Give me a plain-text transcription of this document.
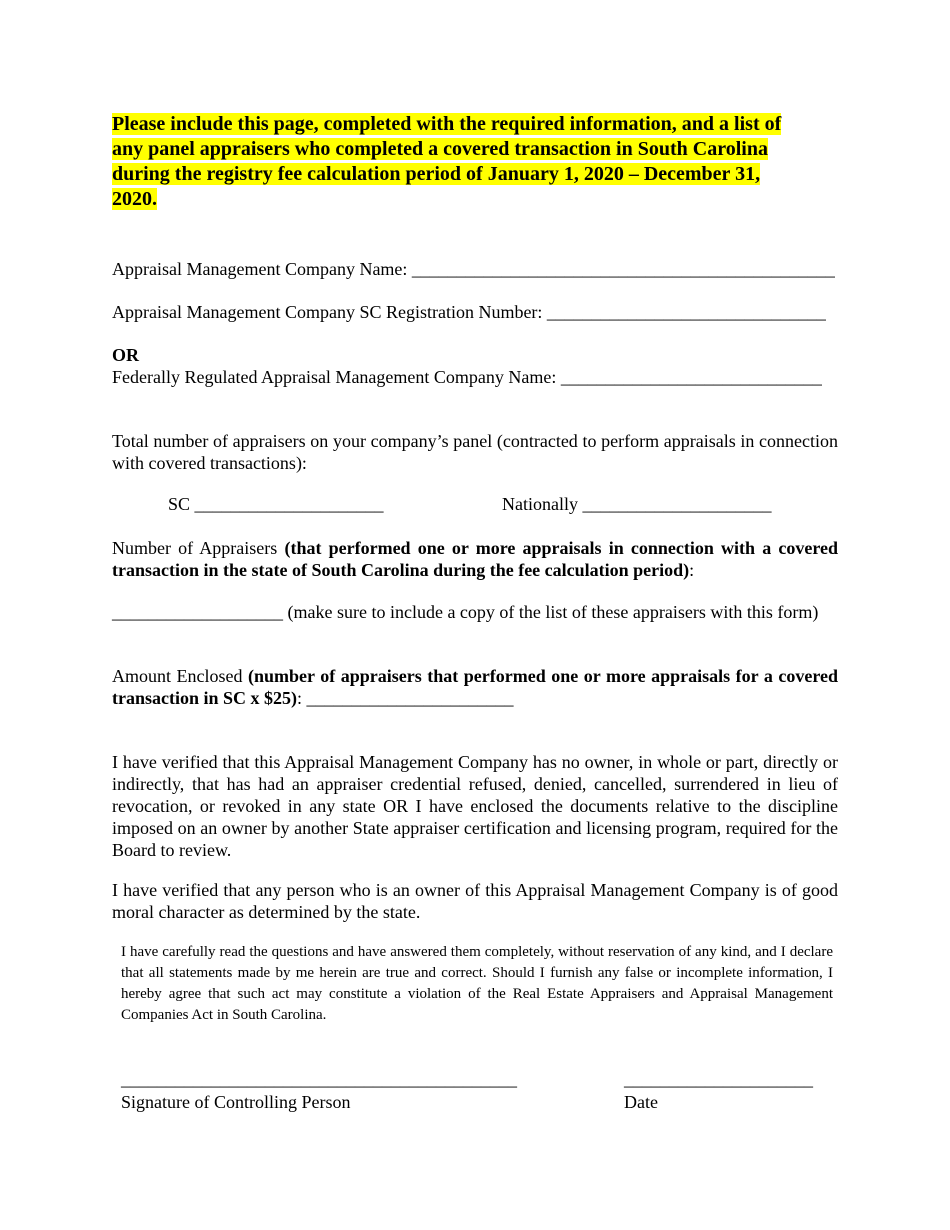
Please include this page, completed with the required information, and a list of
any panel appraisers who completed a covered transaction in South Carolina
during the registry fee calculation period of January 1, 2020 – December 31,
2020.
Appraisal Management Company Name: _______________________________________________
Appraisal Management Company SC Registration Number: _______________________________
OR
Federally Regulated Appraisal Management Company Name: _____________________________
Total number of appraisers on your company’s panel (contracted to perform appraisals in connection with covered transactions):
SC _____________________	Nationally _____________________
Number of Appraisers (that performed one or more appraisals in connection with a covered transaction in the state of South Carolina during the fee calculation period):
___________________ (make sure to include a copy of the list of these appraisers with this form)
Amount Enclosed (number of appraisers that performed one or more appraisals for a covered transaction in SC x $25): _______________________
I have verified that this Appraisal Management Company has no owner, in whole or part, directly or indirectly, that has had an appraiser credential refused, denied, cancelled, surrendered in lieu of revocation, or revoked in any state OR I have enclosed the documents relative to the discipline imposed on an owner by another State appraiser certification and licensing program, required for the Board to review.
I have verified that any person who is an owner of this Appraisal Management Company is of good moral character as determined by the state.
I have carefully read the questions and have answered them completely, without reservation of any kind, and I declare that all statements made by me herein are true and correct. Should I furnish any false or incomplete information, I hereby agree that such act may constitute a violation of the Real Estate Appraisers and Appraisal Management Companies Act in South Carolina.
____________________________________________
Signature of Controlling Person
_____________________
Date
